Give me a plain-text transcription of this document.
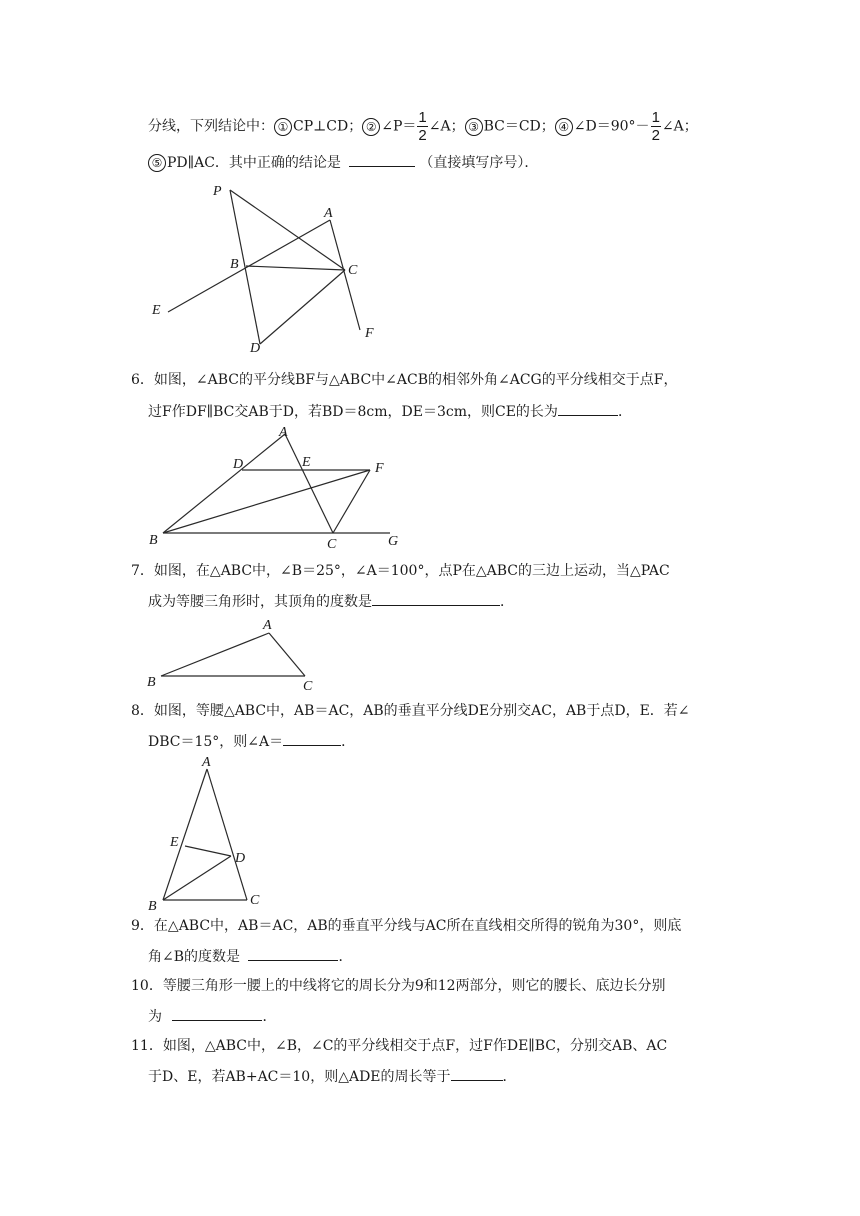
分线，下列结论中： ① CP⊥CD； ② ∠P＝ $\frac{1}{2}$ ∠A； ③ BC＝CD； ④ ∠D＝90°－ $\frac{1}{2}$ ∠A；
⑤ PD∥AC．其中正确的结论是	（直接填写序号）．
P
A
B	C
E
F
D
6．如图，∠ABC的平分线BF与△ABC中∠ACB的相邻外角∠ACG的平分线相交于点F，
过F作DF∥BC交AB于D，若BD＝8cm，DE＝3cm，则CE的长为	．
A
D	E	F
B	C	G
7．如图，在△ABC中，∠B＝25°，∠A＝100°，点P在△ABC的三边上运动，当△PAC
成为等腰三角形时，其顶角的度数是	．
A
B	C
8．如图，等腰△ABC中，AB＝AC，AB的垂直平分线DE分别交AC，AB于点D，E．若∠
DBC＝15°，则∠A＝	．
A
E
D
B	C
9．在△ABC中，AB＝AC，AB的垂直平分线与AC所在直线相交所得的锐角为30°，则底
角∠B的度数是	．
10．等腰三角形一腰上的中线将它的周长分为9和12两部分，则它的腰长、底边长分别
为	．
11．如图，△ABC中，∠B，∠C的平分线相交于点F，过F作DE∥BC，分别交AB、AC
于D、E，若AB+AC＝10，则△ADE的周长等于	．
